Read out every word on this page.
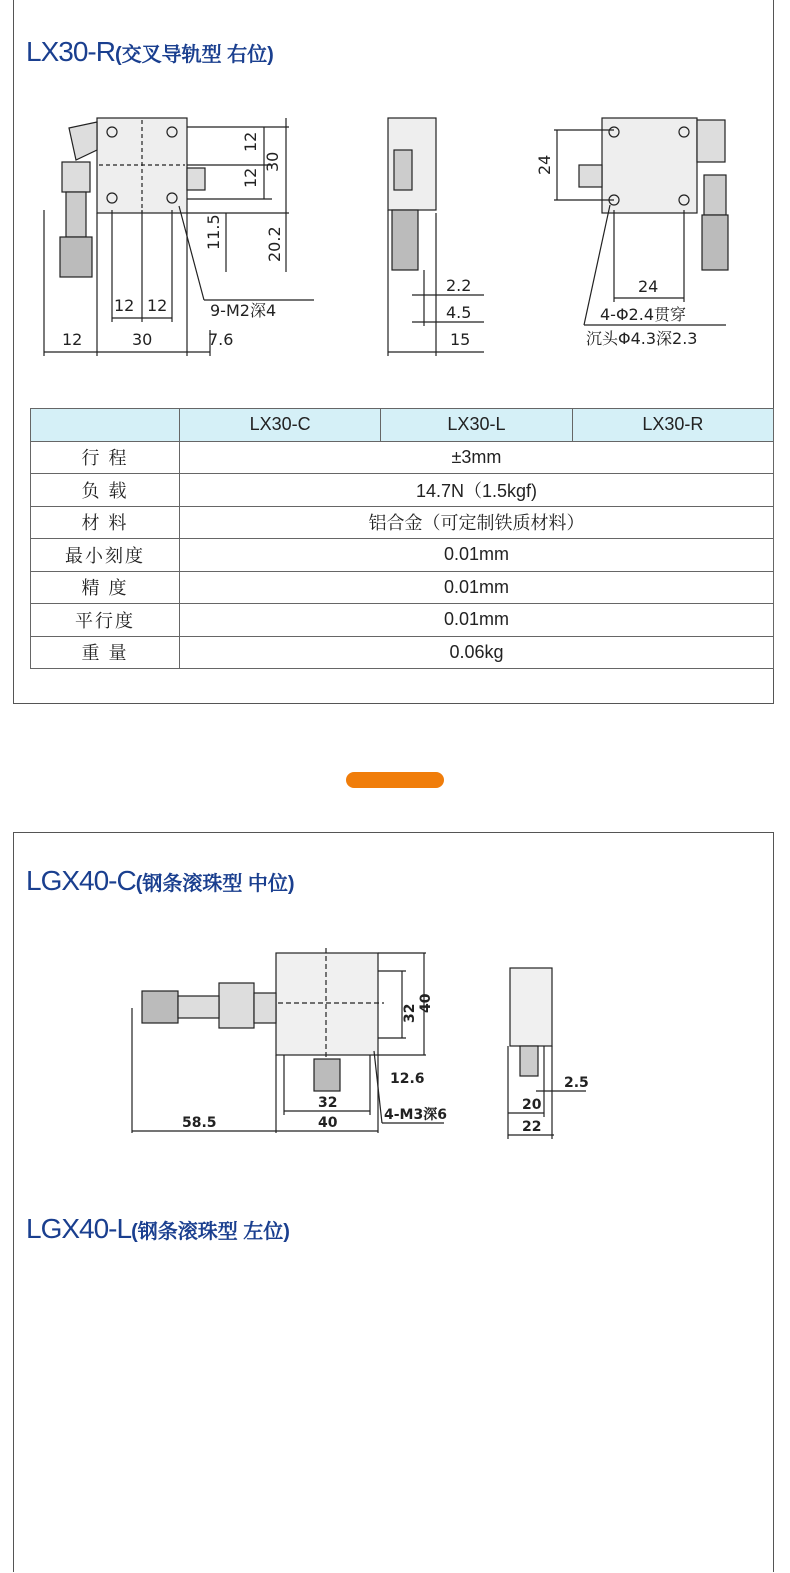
LX30-R(交叉导轨型 右位)
12
30
12
11.5	20.2
12 12	9-M2深4
12	30	7.6
2.2
4.5
15
24
24
4-Φ2.4贯穿
沉头Φ4.3深2.3
	LX30-C	LX30-L	LX30-R
行 程	±3mm		
负 载	14.7N（1.5kgf)		
材 料	铝合金（可定制铁质材料）		
最小刻度	0.01mm		
精 度	0.01mm		
平行度	0.01mm		
重 量	0.06kg		
LGX40-C(钢条滚珠型 中位)
32
40
12.6
32
40
58.5	4-M3深6
2.5
20
22
LGX40-L(钢条滚珠型 左位)
